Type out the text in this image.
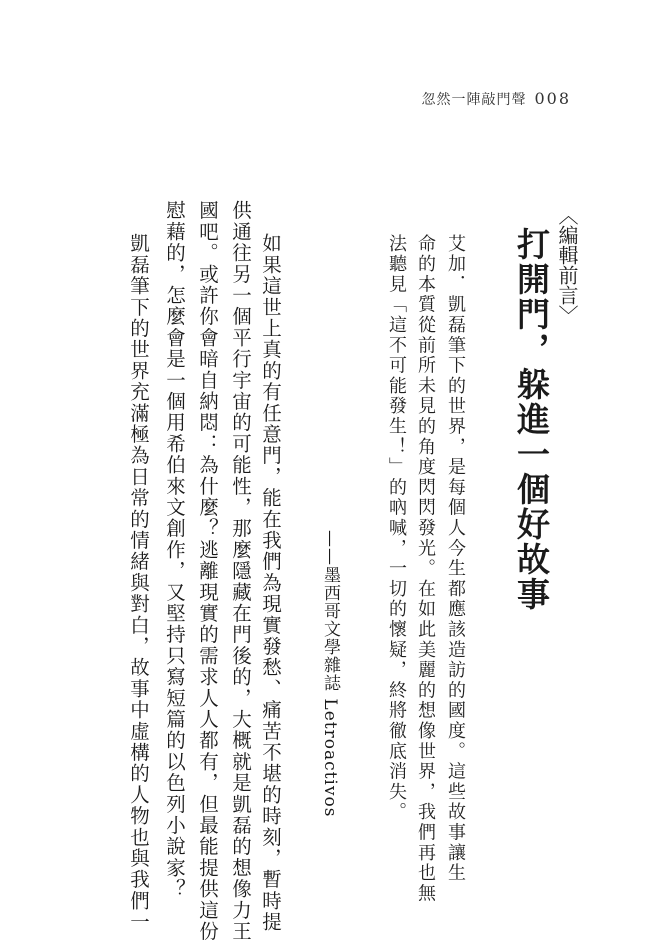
忽然一陣敲門聲 008
〈編輯前言〉
打開門，躲進一個好故事
艾加．凱磊筆下的世界，是每個人今生都應該造訪的國度。這些故事讓生
命的本質從前所未見的角度閃閃發光。在如此美麗的想像世界，我們再也無
法聽見「這不可能發生！」的吶喊，一切的懷疑，終將徹底消失。
——墨西哥文學雜誌 Letroactivos
如果這世上真的有任意門，能在我們為現實發愁、痛苦不堪的時刻，暫時提
供通往另一個平行宇宙的可能性，那麼隱藏在門後的，大概就是凱磊的想像力王
國吧。或許你會暗自納悶：為什麼？逃離現實的需求人人都有，但最能提供這份
慰藉的，怎麼會是一個用希伯來文創作，又堅持只寫短篇的以色列小說家？
凱磊筆下的世界充滿極為日常的情緒與對白，故事中虛構的人物也與我們一
